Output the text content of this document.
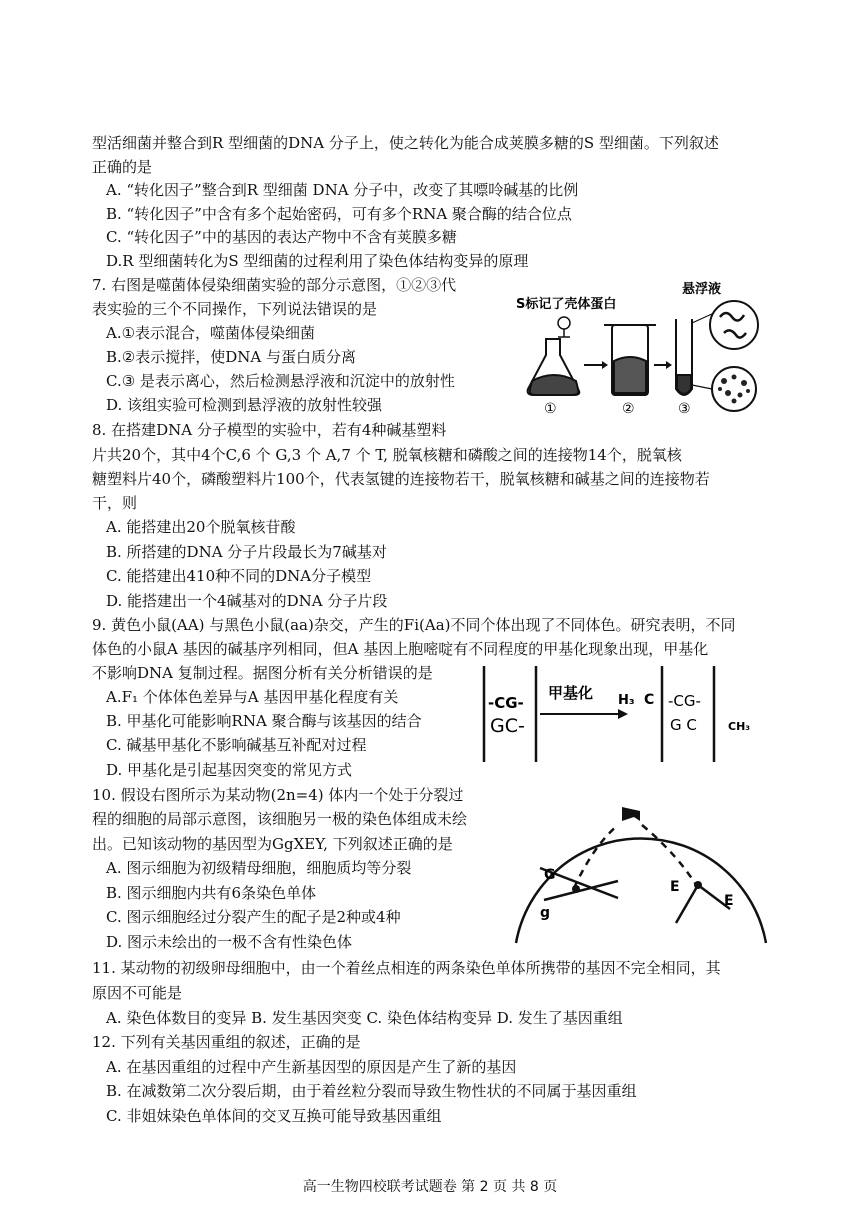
型活细菌并整合到R 型细菌的DNA 分子上，使之转化为能合成荚膜多糖的S 型细菌。下列叙述
正确的是
A. “转化因子”整合到R 型细菌 DNA 分子中，改变了其嘌呤碱基的比例
B. “转化因子”中含有多个起始密码，可有多个RNA 聚合酶的结合位点
C. “转化因子”中的基因的表达产物中不含有荚膜多糖
D.R 型细菌转化为S 型细菌的过程利用了染色体结构变异的原理
7. 右图是噬菌体侵染细菌实验的部分示意图，①②③代
表实验的三个不同操作，下列说法错误的是
A.①表示混合，噬菌体侵染细菌
B.②表示搅拌，使DNA 与蛋白质分离
C.③ 是表示离心，然后检测悬浮液和沉淀中的放射性
D. 该组实验可检测到悬浮液的放射性较强
8. 在搭建DNA 分子模型的实验中，若有4种碱基塑料
片共20个，其中4个C,6 个 G,3 个 A,7 个 T, 脱氧核糖和磷酸之间的连接物14个，脱氧核
糖塑料片40个，磷酸塑料片100个，代表氢键的连接物若干，脱氧核糖和碱基之间的连接物若
干，则
A. 能搭建出20个脱氧核苷酸
B. 所搭建的DNA 分子片段最长为7碱基对
C. 能搭建出410种不同的DNA分子模型
D. 能搭建出一个4碱基对的DNA 分子片段
9. 黄色小鼠(AA) 与黑色小鼠(aa)杂交，产生的Fi(Aa)不同个体出现了不同体色。研究表明，不同
体色的小鼠A 基因的碱基序列相同，但A 基因上胞嘧啶有不同程度的甲基化现象出现，甲基化
不影响DNA 复制过程。据图分析有关分析错误的是
A.F₁ 个体体色差异与A 基因甲基化程度有关
B. 甲基化可能影响RNA 聚合酶与该基因的结合
C. 碱基甲基化不影响碱基互补配对过程
D. 甲基化是引起基因突变的常见方式
10. 假设右图所示为某动物(2n=4) 体内一个处于分裂过
程的细胞的局部示意图，该细胞另一极的染色体组成未绘
出。已知该动物的基因型为GgXEY, 下列叙述正确的是
A. 图示细胞为初级精母细胞，细胞质均等分裂
B. 图示细胞内共有6条染色单体
C. 图示细胞经过分裂产生的配子是2种或4种
D. 图示未绘出的一极不含有性染色体
11. 某动物的初级卵母细胞中，由一个着丝点相连的两条染色单体所携带的基因不完全相同，其
原因不可能是
A. 染色体数目的变异 B. 发生基因突变 C. 染色体结构变异 D. 发生了基因重组
12. 下列有关基因重组的叙述，正确的是
A. 在基因重组的过程中产生新基因型的原因是产生了新的基因
B. 在减数第二次分裂后期，由于着丝粒分裂而导致生物性状的不同属于基因重组
C. 非姐妹染色单体间的交叉互换可能导致基因重组
高一生物四校联考试题卷 第 2 页 共 8 页
S标记了壳体蛋白
悬浮液
①	②	③
-CG-
GC-
甲基化 H₃ C -CG-
G C	CH₃
G
g
E
E
